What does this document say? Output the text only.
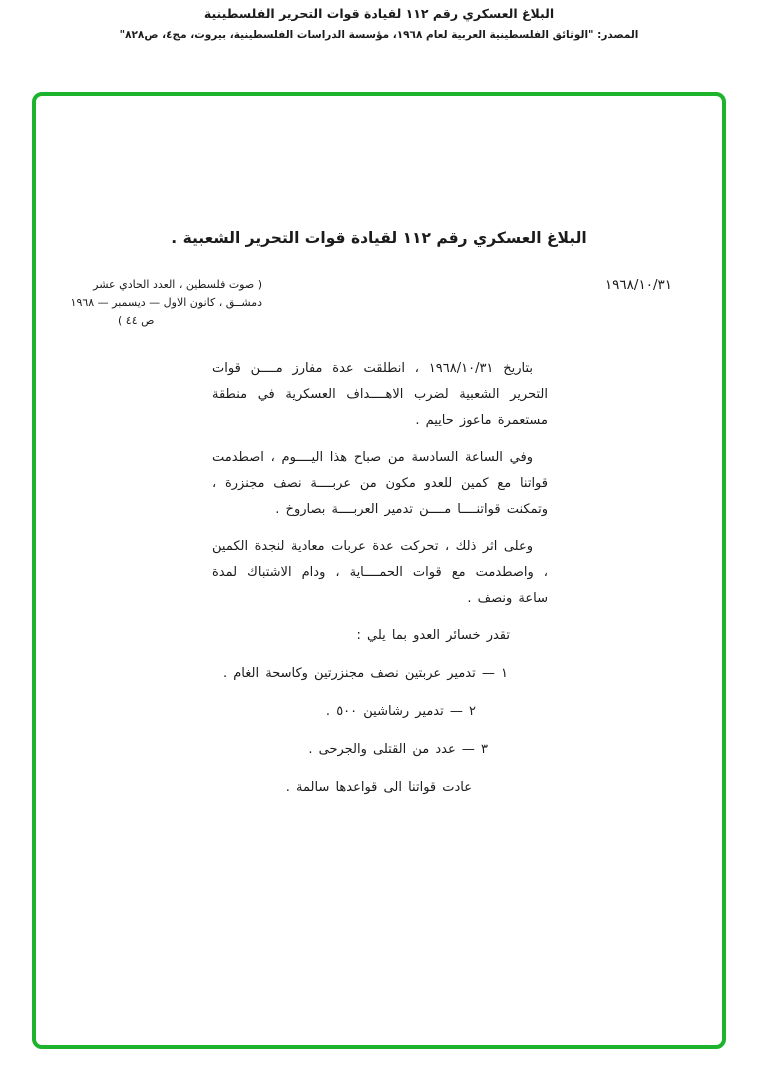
البلاغ العسكري رقم ١١٢ لقيادة قوات التحرير الفلسطينية
المصدر: "الوثائق الفلسطينية العربية لعام ١٩٦٨، مؤسسة الدراسات الفلسطينية، بيروت، مج٤، ص٨٢٨"
البلاغ العسكري رقم ١١٢ لقيادة قوات التحرير الشعبية .
١٩٦٨/١٠/٣١
( صوت فلسطين ، العدد الحادي عشر
دمشــق ، كانون الاول — ديسمبر — ١٩٦٨
ص ٤٤ )

بتاريخ ١٩٦٨/١٠/٣١ ، انطلقت عدة مفارز مــــن قوات التحرير الشعبية لضرب الاهــــداف العسكرية في منطقة مستعمرة ماعوز حاييم .

وفي الساعة السادسة من صباح هذا اليــــوم ، اصطدمت قواتنا مع كمين للعدو مكون من عربــــة نصف مجنزرة ، وتمكنت قواتنــــا مــــن تدمير العربــــة بصاروخ .

وعلى اثر ذلك ، تحركت عدة عربات معادية لنجدة الكمين ، واصطدمت مع قوات الحمــــاية ، ودام الاشتباك لمدة ساعة ونصف .

تقدر خسائر العدو بما يلي :

١ — تدمير عربتين نصف مجنزرتين وكاسحة الغام .

٢ — تدمير رشاشين ٥٠٠ .

٣ — عدد من القتلى والجرحى .

عادت قواتنا الى قواعدها سالمة .
